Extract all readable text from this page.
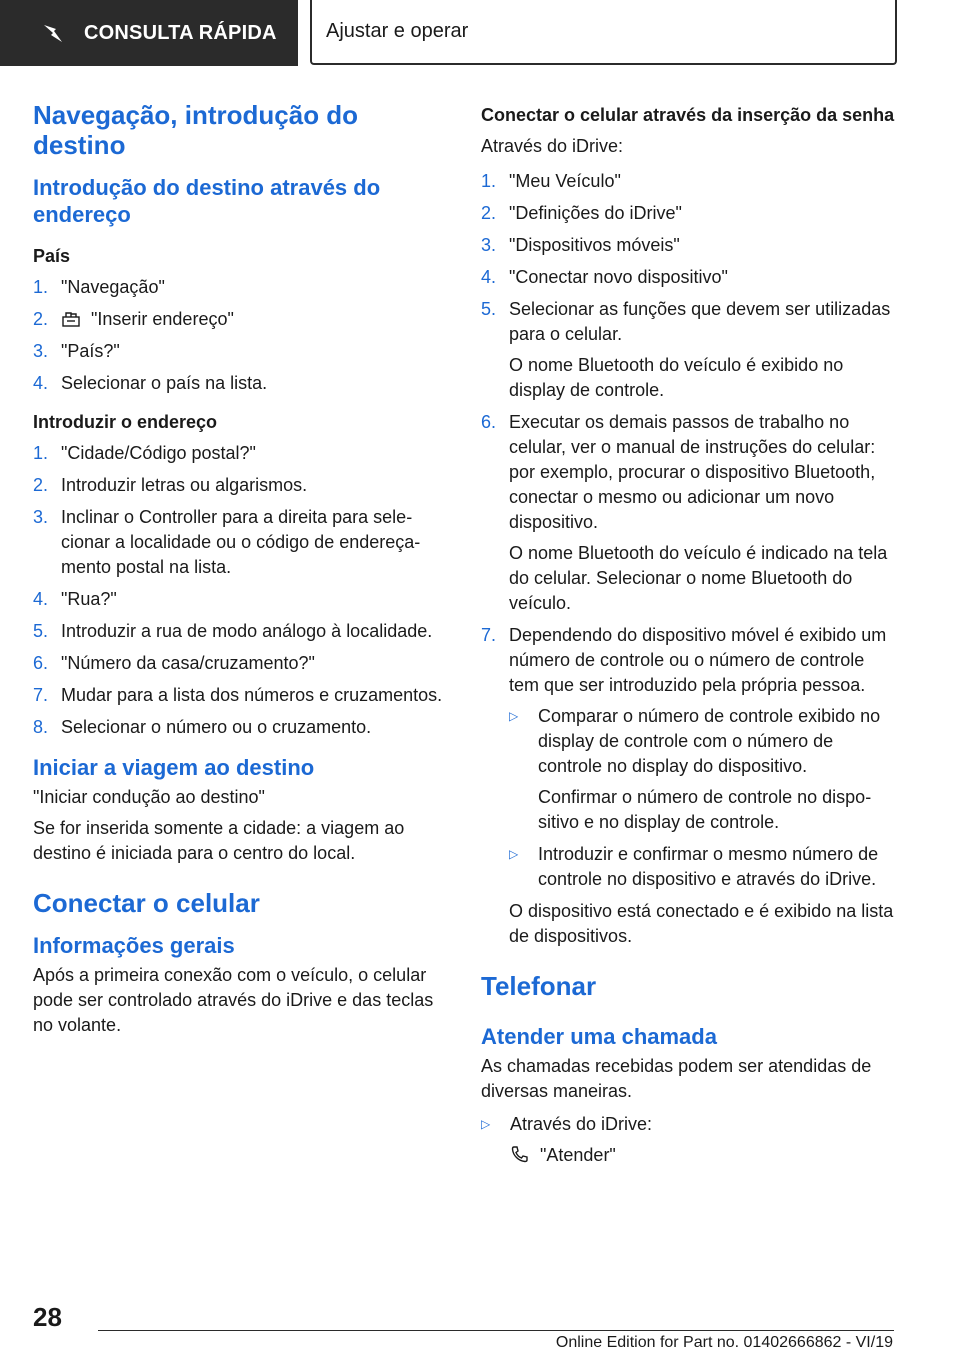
CONSULTA RÁPIDA Ajustar e operar
Navegação, introdução do destino
Introdução do destino através do endereço
País
1. "Navegação"
2.	"Inserir endereço"
3. "País?"
4. Selecionar o país na lista.
Introduzir o endereço
1. "Cidade/Código postal?"
2. Introduzir letras ou algarismos.
3. Inclinar o Controller para a direita para selecionar a localidade ou o código de endereçamento postal na lista.
4. "Rua?"
5. Introduzir a rua de modo análogo à localidade.
6. "Número da casa/cruzamento?"
7. Mudar para a lista dos números e cruzamentos.
8. Selecionar o número ou o cruzamento.
Iniciar a viagem ao destino
"Iniciar condução ao destino"
Se for inserida somente a cidade: a viagem ao destino é iniciada para o centro do local.
Conectar o celular
Informações gerais
Após a primeira conexão com o veículo, o celular pode ser controlado através do iDrive e das teclas no volante.
Conectar o celular através da inserção da senha
Através do iDrive:
1. "Meu Veículo"
2. "Definições do iDrive"
3. "Dispositivos móveis"
4. "Conectar novo dispositivo"
5. Selecionar as funções que devem ser utilizadas para o celular.
O nome Bluetooth do veículo é exibido no display de controle.
6. Executar os demais passos de trabalho no celular, ver o manual de instruções do celular: por exemplo, procurar o dispositivo Bluetooth, conectar o mesmo ou adicionar um novo dispositivo.
O nome Bluetooth do veículo é indicado na tela do celular. Selecionar o nome Bluetooth do veículo.
7. Dependendo do dispositivo móvel é exibido um número de controle ou o número de controle tem que ser introduzido pela própria pessoa.
▷	Comparar o número de controle exibido no display de controle com o número de controle no display do dispositivo.
Confirmar o número de controle no dispositivo e no display de controle.
▷	Introduzir e confirmar o mesmo número de controle no dispositivo e através do iDrive.
O dispositivo está conectado e é exibido na lista de dispositivos.
Telefonar
Atender uma chamada
As chamadas recebidas podem ser atendidas de diversas maneiras.
▷	Através do iDrive:
"Atender"
28
Online Edition for Part no. 01402666862 - VI/19
